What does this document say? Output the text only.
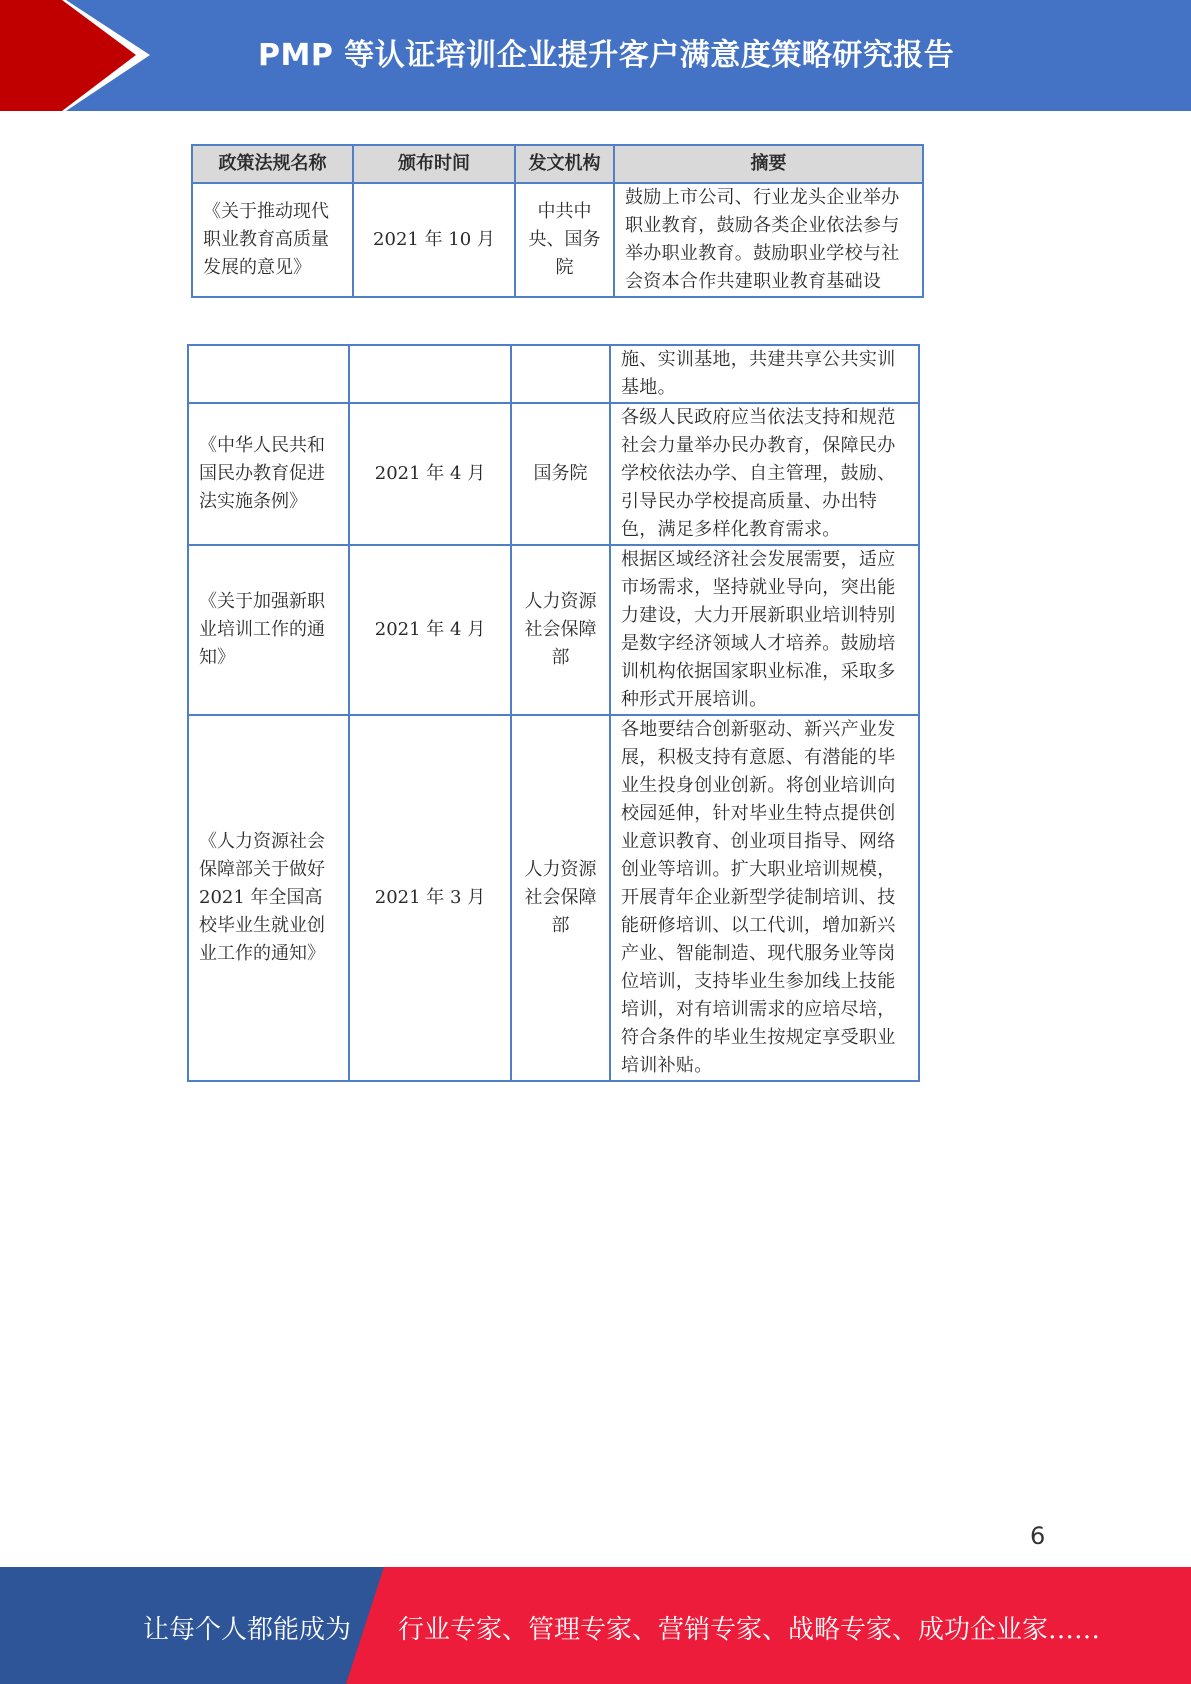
PMP 等认证培训企业提升客户满意度策略研究报告
政策法规名称	颁布时间	发文机构	摘要
《关于推动现代职业教育高质量发展的意见》	2021 年 10 月	中共中央、国务院	鼓励上市公司、行业龙头企业举办职业教育，鼓励各类企业依法参与举办职业教育。鼓励职业学校与社会资本合作共建职业教育基础设
			施、实训基地，共建共享公共实训基地。
《中华人民共和国民办教育促进法实施条例》	2021 年 4 月	国务院	各级人民政府应当依法支持和规范社会力量举办民办教育，保障民办学校依法办学、自主管理，鼓励、引导民办学校提高质量、办出特色，满足多样化教育需求。
《关于加强新职业培训工作的通知》	2021 年 4 月	人力资源社会保障部	根据区域经济社会发展需要，适应市场需求，坚持就业导向，突出能力建设，大力开展新职业培训特别是数字经济领域人才培养。鼓励培训机构依据国家职业标准，采取多种形式开展培训。
《人力资源社会保障部关于做好 2021 年全国高校毕业生就业创业工作的通知》	2021 年 3 月	人力资源社会保障部	各地要结合创新驱动、新兴产业发展，积极支持有意愿、有潜能的毕业生投身创业创新。将创业培训向校园延伸，针对毕业生特点提供创业意识教育、创业项目指导、网络创业等培训。扩大职业培训规模，开展青年企业新型学徒制培训、技能研修培训、以工代训，增加新兴产业、智能制造、现代服务业等岗位培训，支持毕业生参加线上技能培训，对有培训需求的应培尽培，符合条件的毕业生按规定享受职业培训补贴。
6
让每个人都能成为 行业专家、管理专家、营销专家、战略专家、成功企业家……
